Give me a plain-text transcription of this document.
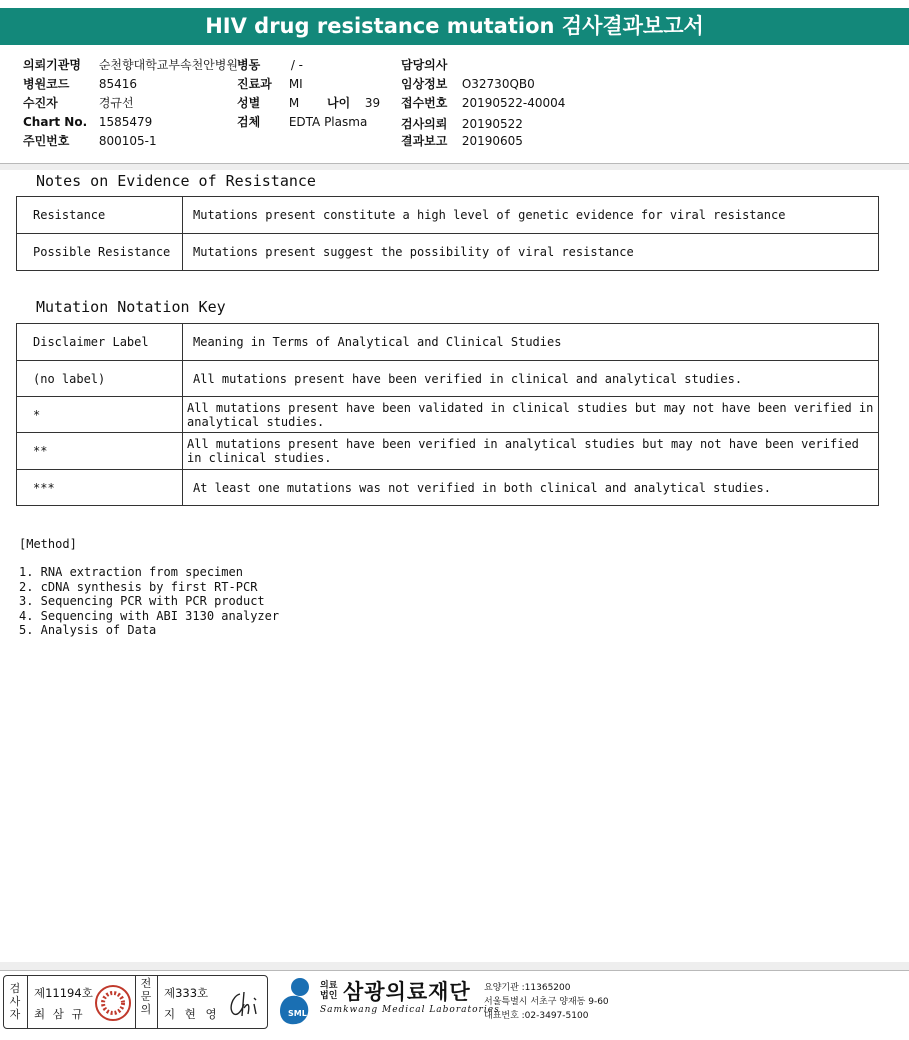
HIV drug resistance mutation 검사결과보고서
의뢰기관명 순천향대학교부속천안병원 병동	/ -	담당의사
병원코드 85416	진료과 MI	임상정보 O32730QB0
수진자	경규선	성별 M 나이 39 접수번호 20190522-40004
Chart No. 1585479	검체 EDTA Plasma	검사의뢰 20190522
주민번호 800105-1	결과보고 20190605
Notes on Evidence of Resistance
Resistance	Mutations present constitute a high level of genetic evidence for viral resistance
Possible Resistance	Mutations present suggest the possibility of viral resistance
Mutation Notation Key
Disclaimer Label	Meaning in Terms of Analytical and Clinical Studies
(no label)	All mutations present have been verified in clinical and analytical studies.
*	All mutations present have been validated in clinical studies but may not have been verified in analytical studies.
**	All mutations present have been verified in analytical studies but may not have been verified in clinical studies.
***	At least one mutations was not verified in both clinical and analytical studies.
[Method]
1. RNA extraction from specimen
2. cDNA synthesis by first RT-PCR
3. Sequencing PCR with PCR product
4. Sequencing with ABI 3130 analyzer
5. Analysis of Data
검사자
제11194호
최 삼 규
전문의
제333호
지 현 영	SML
의료
법인 삼광의료재단
Samkwang Medical Laboratories
요양기관 :11365200
서울특별시 서초구 양재동 9-60
대표번호 :02-3497-5100
